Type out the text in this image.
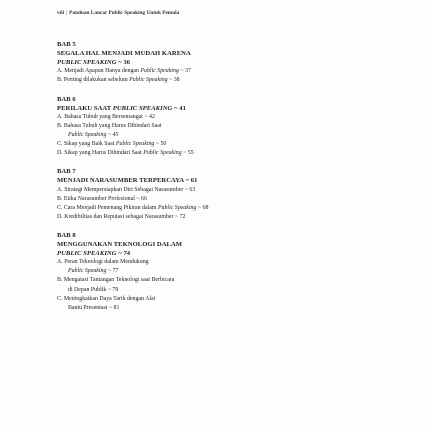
viii | Panduan Lancar Public Speaking Untuk Pemula
BAB 5
SEGALA HAL MENJADI MUDAH KARENA
PUBLIC SPEAKING ~ 36
A. Menjadi Apapun Hanya dengan Public Speaking ~ 37
B. Penting dilakukan sebelum Public Speaking ~ 38
BAB 6
PERILAKU SAAT PUBLIC SPEAKING ~ 41
A. Bahasa Tubuh yang Bersemangat ~ 42
B. Bahasa Tubuh yang Harus Dihindari Saat
Public Speaking ~ 45
C. Sikap yang Baik Saat Public Speaking ~ 50
D. Sikap yang Harus Dihindari Saat Public Speaking ~ 55
BAB 7
MENJADI NARASUMBER TERPERCAYA ~ 61
A. Strategi Mempersiapkan Diri Sebagai Narasumber ~ 63
B. Etika Narasumber Profesional ~ 66
C. Cara Menjadi Pemenang Pikiran dalam Public Speaking ~ 68
D. Kredibilitas dan Reputasi sebagai Narasumber ~ 72
BAB 8
MENGGUNAKAN TEKNOLOGI DALAM
PUBLIC SPEAKING ~ 74
A. Peran Teknologi dalam Mendukung
Public Speaking ~ 77
B. Mengatasi Tantangan Teknologi saat Berbicara
di Depan Publik ~ 79
C. Meningkatkan Daya Tarik dengan Alat
Bantu Presentasi ~ 81
